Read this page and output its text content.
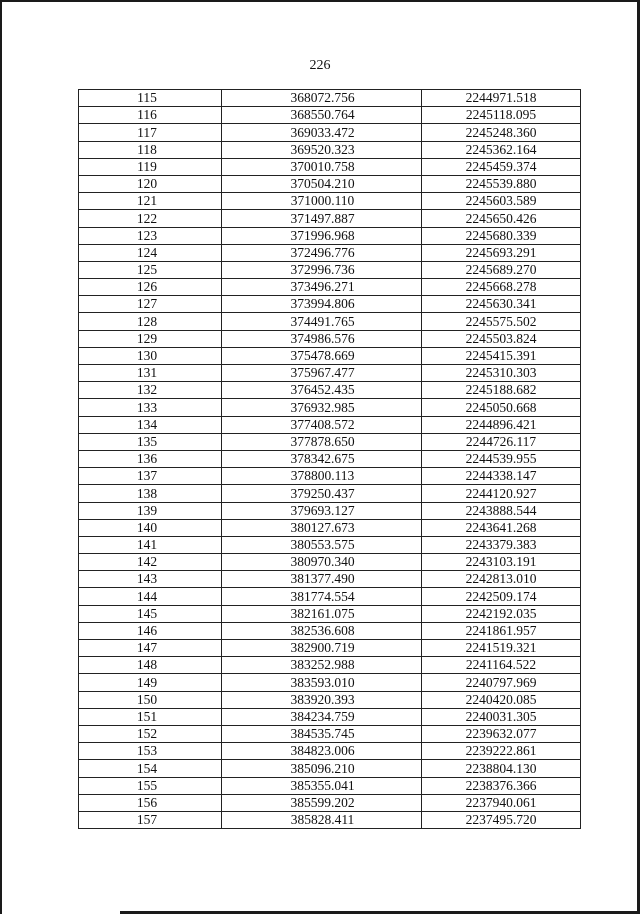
226
115	368072.756	2244971.518
116	368550.764	2245118.095
117	369033.472	2245248.360
118	369520.323	2245362.164
119	370010.758	2245459.374
120	370504.210	2245539.880
121	371000.110	2245603.589
122	371497.887	2245650.426
123	371996.968	2245680.339
124	372496.776	2245693.291
125	372996.736	2245689.270
126	373496.271	2245668.278
127	373994.806	2245630.341
128	374491.765	2245575.502
129	374986.576	2245503.824
130	375478.669	2245415.391
131	375967.477	2245310.303
132	376452.435	2245188.682
133	376932.985	2245050.668
134	377408.572	2244896.421
135	377878.650	2244726.117
136	378342.675	2244539.955
137	378800.113	2244338.147
138	379250.437	2244120.927
139	379693.127	2243888.544
140	380127.673	2243641.268
141	380553.575	2243379.383
142	380970.340	2243103.191
143	381377.490	2242813.010
144	381774.554	2242509.174
145	382161.075	2242192.035
146	382536.608	2241861.957
147	382900.719	2241519.321
148	383252.988	2241164.522
149	383593.010	2240797.969
150	383920.393	2240420.085
151	384234.759	2240031.305
152	384535.745	2239632.077
153	384823.006	2239222.861
154	385096.210	2238804.130
155	385355.041	2238376.366
156	385599.202	2237940.061
157	385828.411	2237495.720
